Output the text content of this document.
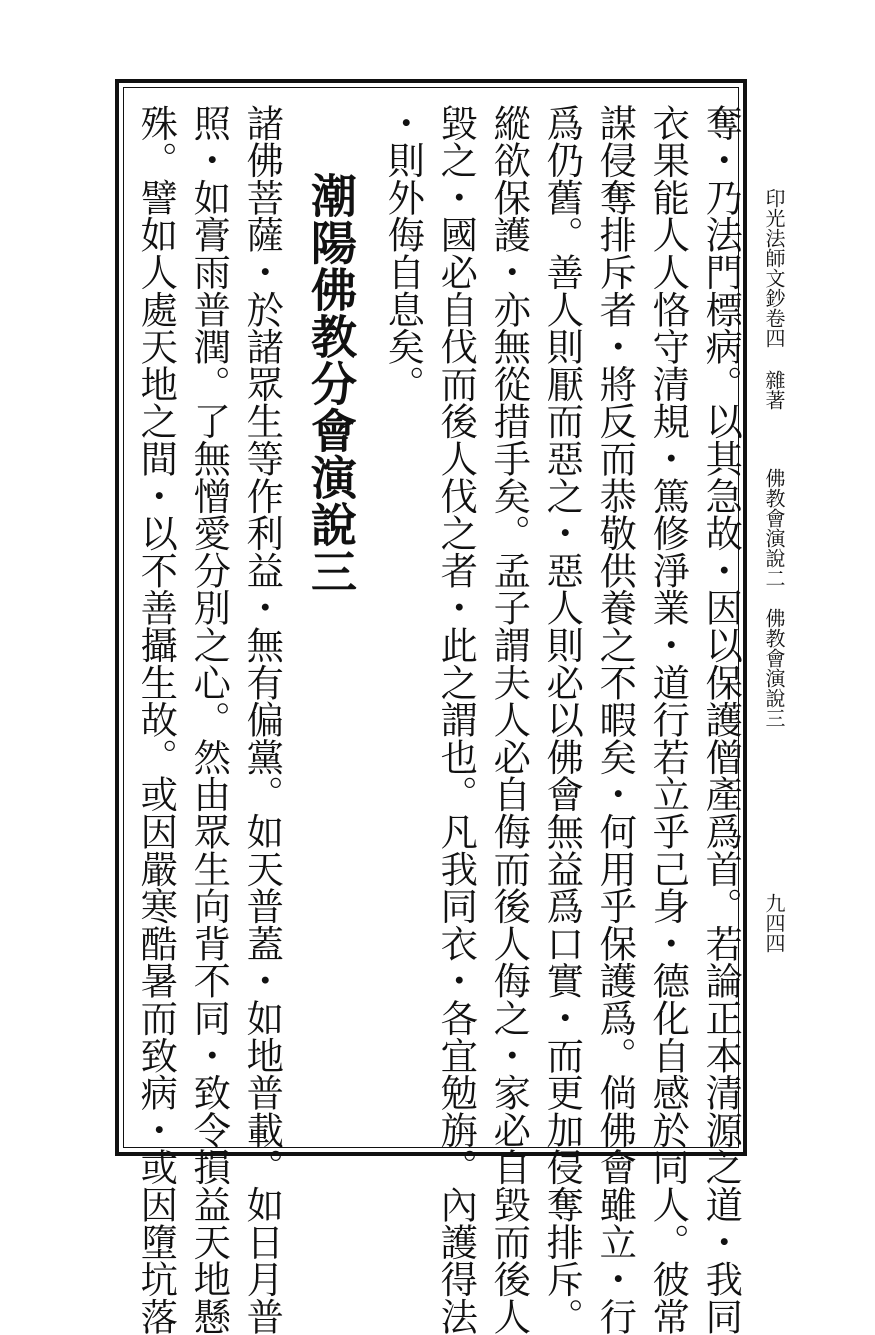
印光法師文鈔卷四
雜著
佛教會演說二　佛教會演說三
九四四
奪・乃法門標病。以其急故・因以保護僧產爲首。若論正本清源之道・我同
衣果能人人恪守清規・篤修淨業・道行若立乎己身・德化自感於同人。彼常
謀侵奪排斥者・將反而恭敬供養之不暇矣・何用乎保護爲。倘佛會雖立・行
爲仍舊。善人則厭而惡之・惡人則必以佛會無益爲口實・而更加侵奪排斥。
縱欲保護・亦無從措手矣。孟子謂夫人必自侮而後人侮之・家必自毀而後人
毀之・國必自伐而後人伐之者・此之謂也。凡我同衣・各宜勉旃。內護得法
・則外侮自息矣。
潮陽佛教分會演說三
諸佛菩薩・於諸眾生等作利益・無有偏黨。如天普蓋・如地普載。如日月普
照・如膏雨普潤。了無憎愛分別之心。然由眾生向背不同・致令損益天地懸
殊。譬如人處天地之間・以不善攝生故。或因嚴寒酷暑而致病・或因墮坑落
